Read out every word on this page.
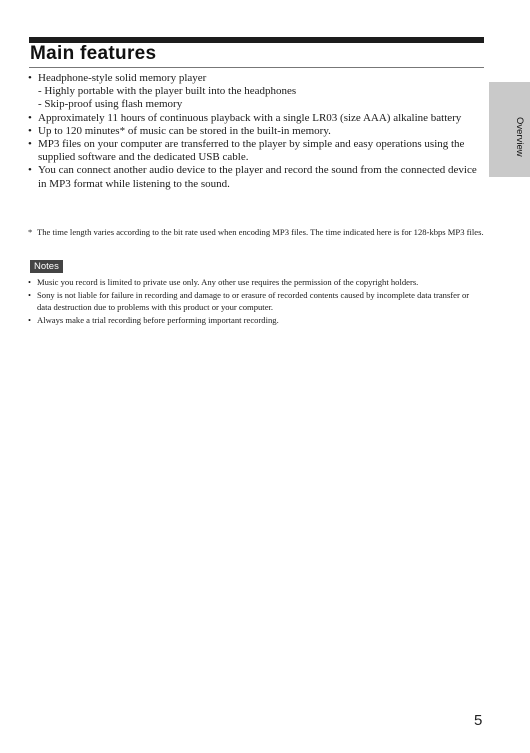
Main features
Overview
• Headphone-style solid memory player
- Highly portable with the player built into the headphones
- Skip-proof using flash memory
• Approximately 11 hours of continuous playback with a single LR03 (size AAA) alkaline battery
• Up to 120 minutes* of music can be stored in the built-in memory.
• MP3 files on your computer are transferred to the player by simple and easy operations using the supplied software and the dedicated USB cable.
• You can connect another audio device to the player and record the sound from the connected device in MP3 format while listening to the sound.

* The time length varies according to the bit rate used when encoding MP3 files. The time indicated here is for 128-kbps MP3 files.

Notes
• Music you record is limited to private use only. Any other use requires the permission of the copyright holders.
• Sony is not liable for failure in recording and damage to or erasure of recorded contents caused by incomplete data transfer or data destruction due to problems with this product or your computer.
• Always make a trial recording before performing important recording.
5
